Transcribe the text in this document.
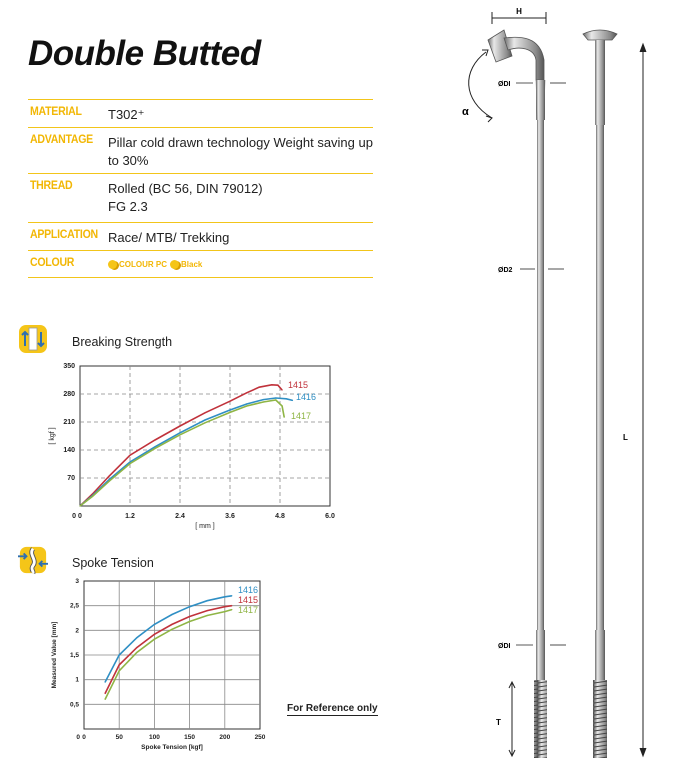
Double Butted
MATERIAL T302⁺
ADVANTAGE Pillar cold drawn technology Weight saving up to 30%
THREAD	Rolled (BC 56, DIN 79012)
FG 2.3
APPLICATION Race/ MTB/ Trekking
COLOUR	COLOUR PC	Black
Breaking Strength
0	1.2	2.4	3.6	4.8	6.0
70
140
210
280
350
0
[ mm ]
[ kgf ]
1415
1416
1417
Spoke Tension
0	50	100	150	200	250
0,5
1
1,5
2
2,5
3
0
Spoke Tension [kgf]
Measured Value [mm]
1416
1415
1417
For Reference only
H
α
ØDI
ØD2
ØDI
T
L
